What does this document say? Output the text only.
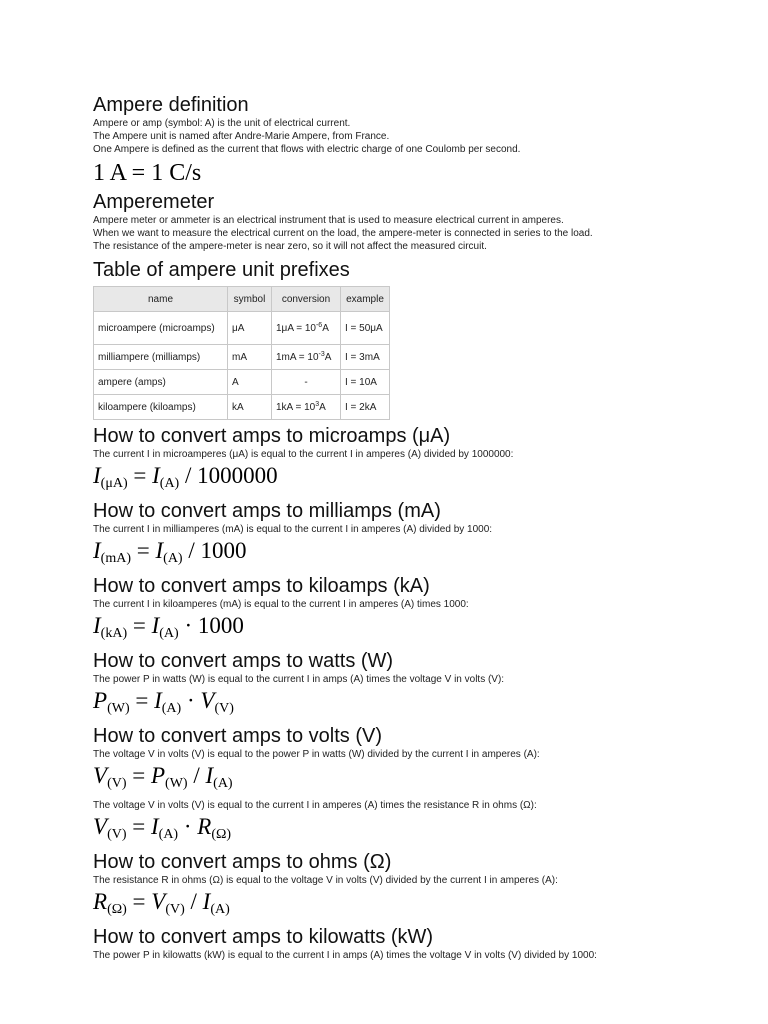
Ampere definition

Ampere or amp (symbol: A) is the unit of electrical current.

The Ampere unit is named after Andre-Marie Ampere, from France.

One Ampere is defined as the current that flows with electric charge of one Coulomb per second.

1 A = 1 C/s

Amperemeter

Ampere meter or ammeter is an electrical instrument that is used to measure electrical current in amperes.

When we want to measure the electrical current on the load, the ampere-meter is connected in series to the load.

The resistance of the ampere-meter is near zero, so it will not affect the measured circuit.

Table of ampere unit prefixes
name	symbol	conversion	example
microampere (microamps)	μA	$1\mu A = 10^{-6}A$	I = 50μA
milliampere (milliamps)	mA	$1mA = 10^{-3}A$	I = 3mA
ampere (amps)	A	-	I = 10A
kiloampere (kiloamps)	kA	$1kA = 10^3A$	I = 2kA
How to convert amps to microamps (μA)

The current I in microamperes (μA) is equal to the current I in amperes (A) divided by 1000000:

$I_{(\mu A)} = I_{(A)} / 1000000$

How to convert amps to milliamps (mA)

The current I in milliamperes (mA) is equal to the current I in amperes (A) divided by 1000:

$I_{(mA)} = I_{(A)} / 1000$

How to convert amps to kiloamps (kA)

The current I in kiloamperes (mA) is equal to the current I in amperes (A) times 1000:

$I_{(kA)} = I_{(A)} \cdot 1000$

How to convert amps to watts (W)

The power P in watts (W) is equal to the current I in amps (A) times the voltage V in volts (V):

$P_{(W)} = I_{(A)} \cdot V_{(V)}$

How to convert amps to volts (V)

The voltage V in volts (V) is equal to the power P in watts (W) divided by the current I in amperes (A):

$V_{(V)} = P_{(W)} / I_{(A)}$

The voltage V in volts (V) is equal to the current I in amperes (A) times the resistance R in ohms (Ω):

$V_{(V)} = I_{(A)} \cdot R_{(\Omega)}$

How to convert amps to ohms (Ω)

The resistance R in ohms (Ω) is equal to the voltage V in volts (V) divided by the current I in amperes (A):

$R_{(\Omega)} = V_{(V)} / I_{(A)}$

How to convert amps to kilowatts (kW)

The power P in kilowatts (kW) is equal to the current I in amps (A) times the voltage V in volts (V) divided by 1000:
